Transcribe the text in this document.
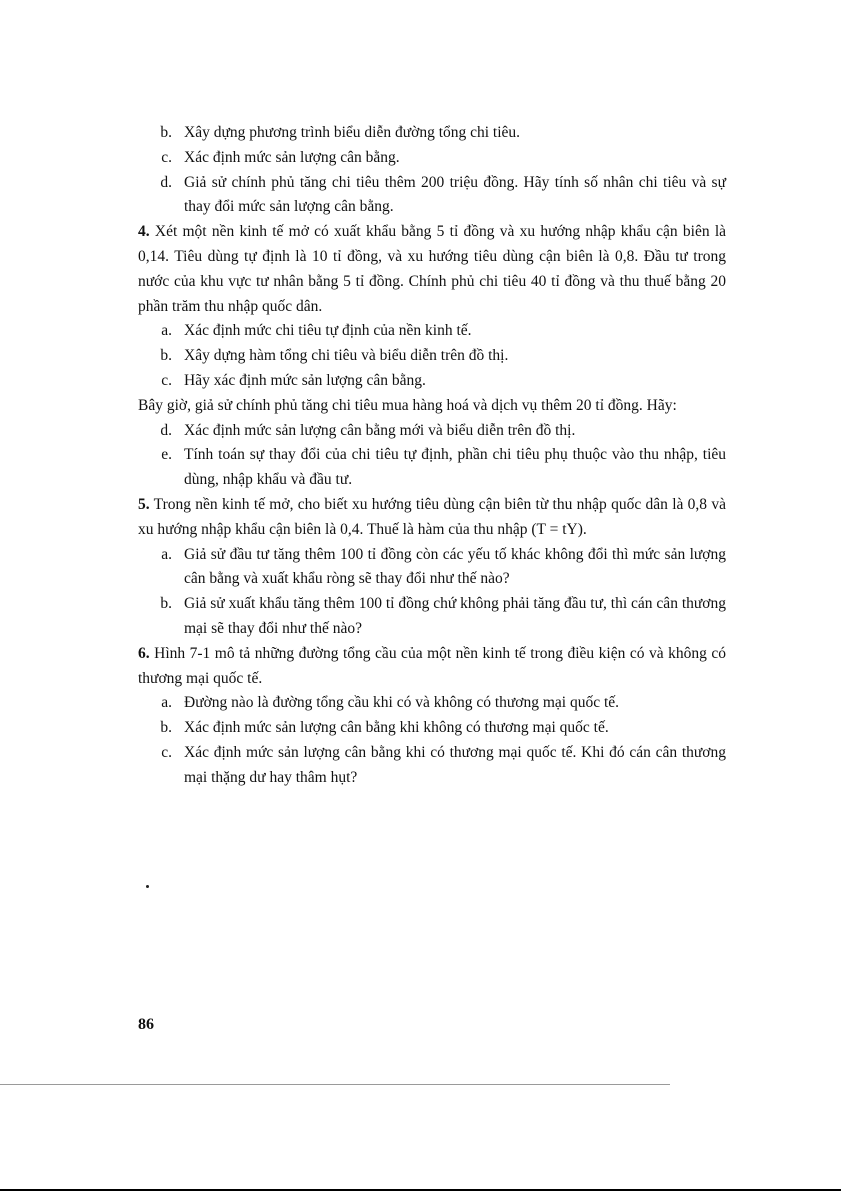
b. Xây dựng phương trình biểu diễn đường tổng chi tiêu.
c. Xác định mức sản lượng cân bằng.
d. Giả sử chính phủ tăng chi tiêu thêm 200 triệu đồng. Hãy tính số nhân chi tiêu và sự thay đổi mức sản lượng cân bằng.

4. Xét một nền kinh tế mở có xuất khẩu bằng 5 tỉ đồng và xu hướng nhập khẩu cận biên là 0,14. Tiêu dùng tự định là 10 tỉ đồng, và xu hướng tiêu dùng cận biên là 0,8. Đầu tư trong nước của khu vực tư nhân bằng 5 tỉ đồng. Chính phủ chi tiêu 40 tỉ đồng và thu thuế bằng 20 phần trăm thu nhập quốc dân.

a. Xác định mức chi tiêu tự định của nền kinh tế.
b. Xây dựng hàm tổng chi tiêu và biểu diễn trên đồ thị.
c. Hãy xác định mức sản lượng cân bằng.

Bây giờ, giả sử chính phủ tăng chi tiêu mua hàng hoá và dịch vụ thêm 20 tỉ đồng. Hãy:

d. Xác định mức sản lượng cân bằng mới và biểu diễn trên đồ thị.
e. Tính toán sự thay đổi của chi tiêu tự định, phần chi tiêu phụ thuộc vào thu nhập, tiêu dùng, nhập khẩu và đầu tư.

5. Trong nền kinh tế mở, cho biết xu hướng tiêu dùng cận biên từ thu nhập quốc dân là 0,8 và xu hướng nhập khẩu cận biên là 0,4. Thuế là hàm của thu nhập (T = tY).

a. Giả sử đầu tư tăng thêm 100 tỉ đồng còn các yếu tố khác không đổi thì mức sản lượng cân bằng và xuất khẩu ròng sẽ thay đổi như thế nào?
b. Giả sử xuất khẩu tăng thêm 100 tỉ đồng chứ không phải tăng đầu tư, thì cán cân thương mại sẽ thay đổi như thế nào?

6. Hình 7-1 mô tả những đường tổng cầu của một nền kinh tế trong điều kiện có và không có thương mại quốc tế.

a. Đường nào là đường tổng cầu khi có và không có thương mại quốc tế.
b. Xác định mức sản lượng cân bằng khi không có thương mại quốc tế.
c. Xác định mức sản lượng cân bằng khi có thương mại quốc tế. Khi đó cán cân thương mại thặng dư hay thâm hụt?
86
